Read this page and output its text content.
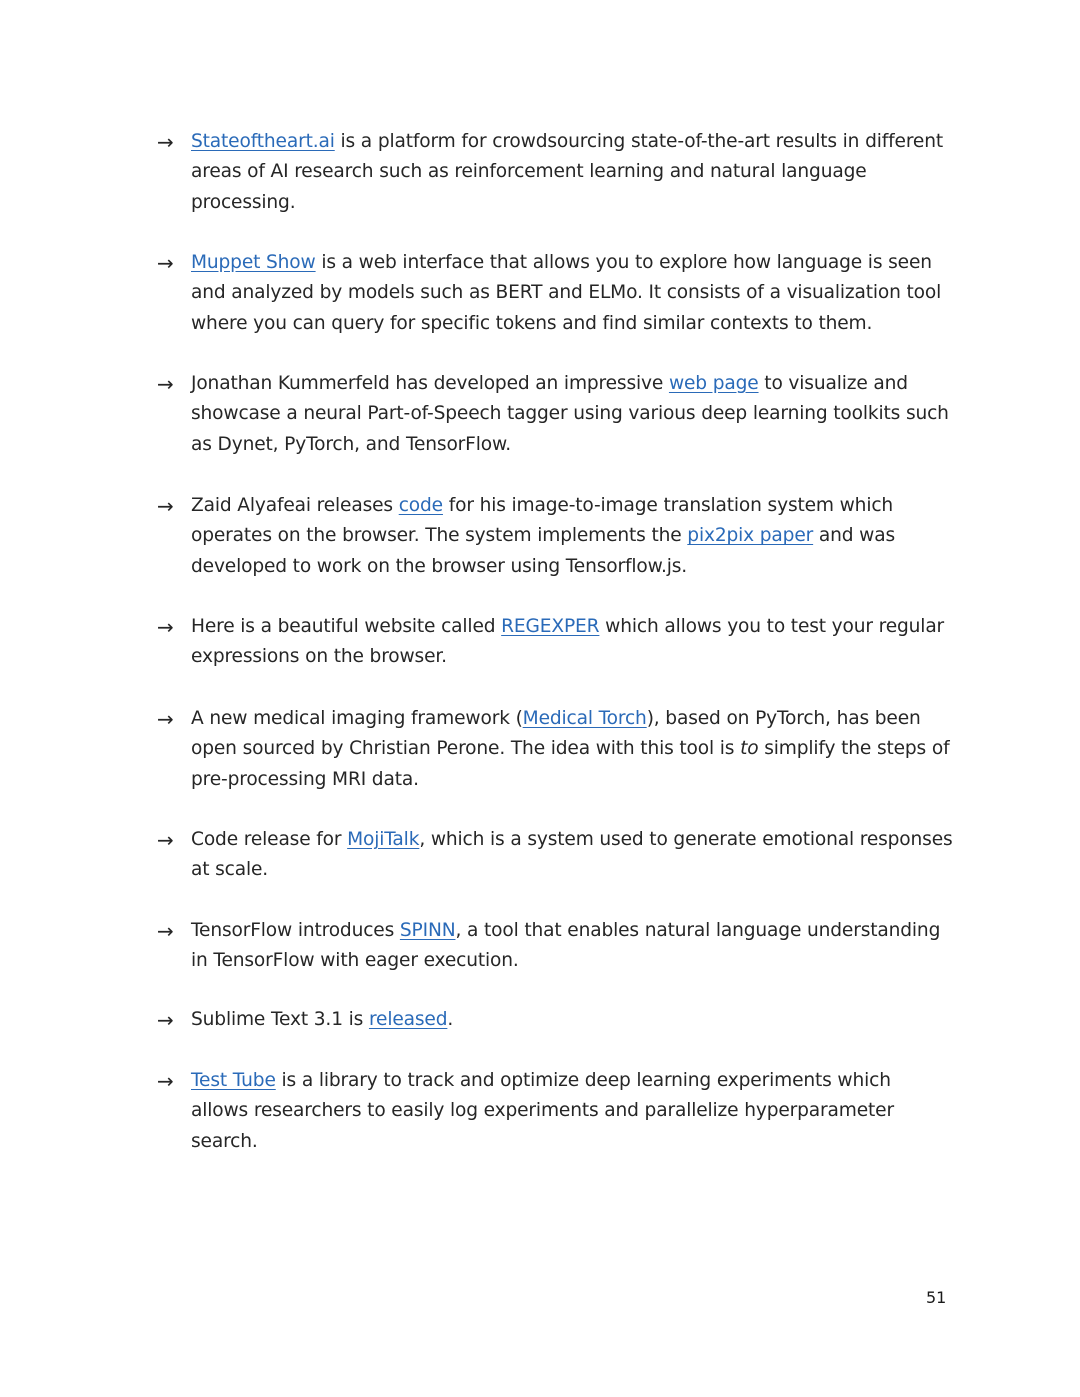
→ Stateoftheart.ai is a platform for crowdsourcing state-of-the-art results in different areas of AI research such as reinforcement learning and natural language processing.
→ Muppet Show is a web interface that allows you to explore how language is seen and analyzed by models such as BERT and ELMo. It consists of a visualization tool where you can query for specific tokens and find similar contexts to them.
→ Jonathan Kummerfeld has developed an impressive web page to visualize and showcase a neural Part-of-Speech tagger using various deep learning toolkits such as Dynet, PyTorch, and TensorFlow.
→ Zaid Alyafeai releases code for his image-to-image translation system which operates on the browser. The system implements the pix2pix paper and was developed to work on the browser using Tensorflow.js.
→ Here is a beautiful website called REGEXPER which allows you to test your regular expressions on the browser.
→ A new medical imaging framework (Medical Torch), based on PyTorch, has been open sourced by Christian Perone. The idea with this tool is to simplify the steps of pre-processing MRI data.
→ Code release for MojiTalk, which is a system used to generate emotional responses at scale.
→ TensorFlow introduces SPINN, a tool that enables natural language understanding in TensorFlow with eager execution.
→ Sublime Text 3.1 is released.
→ Test Tube is a library to track and optimize deep learning experiments which allows researchers to easily log experiments and parallelize hyperparameter search.
51
